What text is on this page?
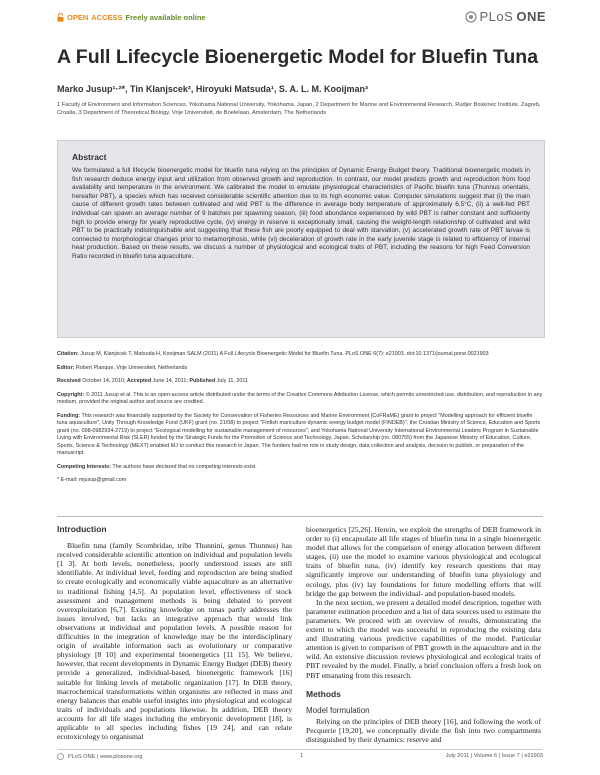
OPEN ACCESS Freely available online	PLoS ONE
A Full Lifecycle Bioenergetic Model for Bluefin Tuna
Marko Jusup¹·²*, Tin Klanjscek², Hiroyuki Matsuda¹, S. A. L. M. Kooijman³
1 Faculty of Environment and Information Sciences, Yokohama National University, Yokohama, Japan, 2 Department for Marine and Environmental Research, Rudjer Boskovic Institute, Zagreb, Croatia, 3 Department of Theoretical Biology, Vrije Universiteit, de Boelelaan, Amsterdam, The Netherlands
Abstract

We formulated a full lifecycle bioenergetic model for bluefin tuna relying on the principles of Dynamic Energy Budget theory. Traditional bioenergetic models in fish research deduce energy input and utilization from observed growth and reproduction. In contrast, our model predicts growth and reproduction from food availability and temperature in the environment. We calibrated the model to emulate physiological characteristics of Pacific bluefin tuna (Thunnus orientalis, hereafter PBT), a species which has received considerable scientific attention due to its high economic value. Computer simulations suggest that (i) the main cause of different growth rates between cultivated and wild PBT is the difference in average body temperature of approximately 6.5°C, (ii) a well-fed PBT individual can spawn an average number of 9 batches per spawning season, (iii) food abundance experienced by wild PBT is rather constant and sufficiently high to provide energy for yearly reproductive cycle, (iv) energy in reserve is exceptionally small, causing the weight-length relationship of cultivated and wild PBT to be practically indistinguishable and suggesting that these fish are poorly equipped to deal with starvation, (v) accelerated growth rate of PBT larvae is connected to morphological changes prior to metamorphosis, while (vi) deceleration of growth rate in the early juvenile stage is related to efficiency of internal heat production. Based on these results, we discuss a number of physiological and ecological traits of PBT, including the reasons for high Feed Conversion Ratio recorded in bluefin tuna aquaculture.

Citation: Jusup M, Klanjscek T, Matsuda H, Kooijman SALM (2011) A Full Lifecycle Bioenergetic Model for Bluefin Tuna. PLoS ONE 6(7): e21903. doi:10.1371/journal.pone.0021903

Editor: Robert Planque, Vrije Universiteit, Netherlands

Received October 14, 2010; Accepted June 14, 2011; Published July 11, 2011

Copyright: © 2011 Jusup et al. This is an open-access article distributed under the terms of the Creative Commons Attribution License, which permits unrestricted use, distribution, and reproduction in any medium, provided the original author and source are credited.

Funding: This research was financially supported by the Society for Conservation of Fisheries Resources and Marine Environment (CoFRaME) grant to project "Modelling approach for efficient bluefin tuna aquaculture", Unity Through Knowledge Fund (UKF) grant (no. 21/08) to project "Finfish mariculture dynamic energy budget model (FINDEB)", the Croatian Ministry of Science, Education and Sports grant (no. 098-0982934-2719) to project "Ecological modelling for sustainable management of resources", and Yokohama National University International Environmental Leaders Program in Sustainable Living with Environmental Risk (SLER) funded by the Strategic Funds for the Promotion of Science and Technology, Japan. Scholarship (no. 080755) from the Japanese Ministry of Education, Culture, Sports, Science & Technology (MEXT) enabled MJ to conduct this research in Japan. The funders had no role in study design, data collection and analysis, decision to publish, or preparation of the manuscript.

Competing Interests: The authors have declared that no competing interests exist.

* E-mail: mjusup@gmail.com

Introduction

Bluefin tuna (family Scombridae, tribe Thunnini, genus Thunnus) has received considerable scientific attention on individual and population levels [1 3]. At both levels, nonetheless, poorly understood issues are still identifiable. At individual level, feeding and reproduction are being studied to create ecologically and economically viable aquaculture as an alternative to traditional fishing [4,5]. At population level, effectiveness of stock assessment and management methods is being debated to prevent overexploitation [6,7]. Existing knowledge on tunas partly addresses the issues involved, but lacks an integrative approach that would link observations at individual and population levels. A possible reason for difficulties in the integration of knowledge may be the interdisciplinary origin of available information such as evolutionary or comparative physiology [8 10] and experimental bioenergetics [11 15]. We believe, however, that recent developments in Dynamic Energy Budget (DEB) theory provide a generalized, individual-based, bioenergetic framework [16] suitable for linking levels of metabolic organization [17]. In DEB theory, macrochemical transformations within organisms are reflected in mass and energy balances that enable useful insights into physiological and ecological traits of individuals and populations likewise. In addition, DEB theory accounts for all life stages including the embryonic development [18], is applicable to all species including fishes [19 24], and can relate ecotoxicology to organismal

bioenergetics [25,26]. Herein, we exploit the strengths of DEB framework in order to (i) encapsulate all life stages of bluefin tuna in a single bioenergetic model that allows for the comparison of energy allocation between different stages, (ii) use the model to examine various physiological and ecological traits of bluefin tuna, (iv) identify key research questions that may significantly improve our understanding of bluefin tuna physiology and ecology, plus (iv) lay foundations for future modelling efforts that will bridge the gap between the individual- and population-based models.

In the next section, we present a detailed model description, together with parameter estimation procedure and a list of data sources used to estimate the parameters. We proceed with an overview of results, demonstrating the extent to which the model was successful in reproducing the existing data and illustrating various predictive capabilities of the model. Particular attention is given to comparison of PBT growth in the aquaculture and in the wild. An extensive discussion reviews physiological and ecological traits of PBT revealed by the model. Finally, a brief conclusion offers a fresh look on PBT emanating from this research.

Methods
Model formulation

Relying on the principles of DEB theory [16], and following the work of Pecquerie [19,20], we conceptually divide the fish into two compartments distinguished by their dynamics: reserve and

PLoS ONE | www.plosone.org	1	July 2011 | Volume 6 | Issue 7 | e21903
